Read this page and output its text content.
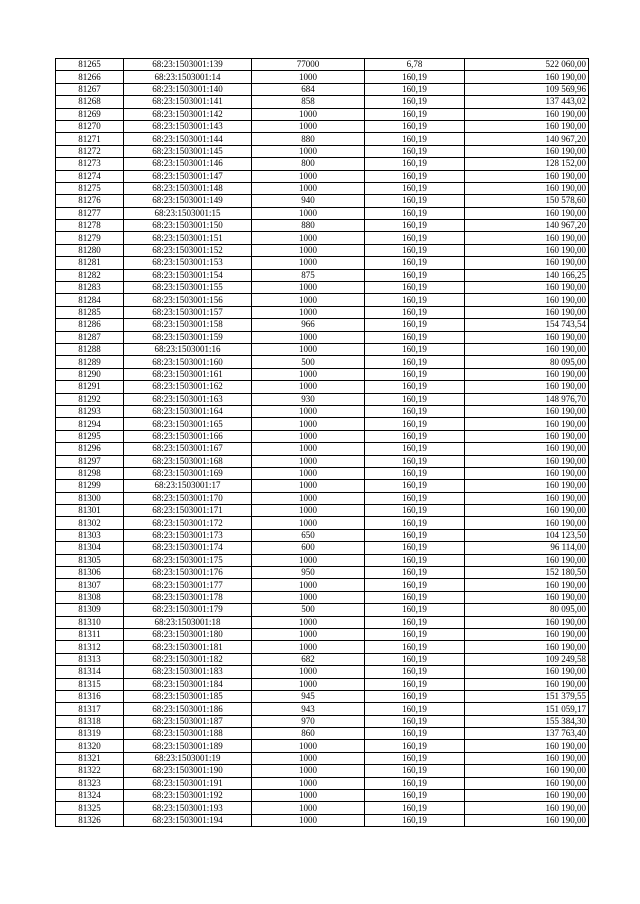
81265	68:23:1503001:139	77000	6,78	522 060,00
81266	68:23:1503001:14	1000	160,19	160 190,00
81267	68:23:1503001:140	684	160,19	109 569,96
81268	68:23:1503001:141	858	160,19	137 443,02
81269	68:23:1503001:142	1000	160,19	160 190,00
81270	68:23:1503001:143	1000	160,19	160 190,00
81271	68:23:1503001:144	880	160,19	140 967,20
81272	68:23:1503001:145	1000	160,19	160 190,00
81273	68:23:1503001:146	800	160,19	128 152,00
81274	68:23:1503001:147	1000	160,19	160 190,00
81275	68:23:1503001:148	1000	160,19	160 190,00
81276	68:23:1503001:149	940	160,19	150 578,60
81277	68:23:1503001:15	1000	160,19	160 190,00
81278	68:23:1503001:150	880	160,19	140 967,20
81279	68:23:1503001:151	1000	160,19	160 190,00
81280	68:23:1503001:152	1000	160,19	160 190,00
81281	68:23:1503001:153	1000	160,19	160 190,00
81282	68:23:1503001:154	875	160,19	140 166,25
81283	68:23:1503001:155	1000	160,19	160 190,00
81284	68:23:1503001:156	1000	160,19	160 190,00
81285	68:23:1503001:157	1000	160,19	160 190,00
81286	68:23:1503001:158	966	160,19	154 743,54
81287	68:23:1503001:159	1000	160,19	160 190,00
81288	68:23:1503001:16	1000	160,19	160 190,00
81289	68:23:1503001:160	500	160,19	80 095,00
81290	68:23:1503001:161	1000	160,19	160 190,00
81291	68:23:1503001:162	1000	160,19	160 190,00
81292	68:23:1503001:163	930	160,19	148 976,70
81293	68:23:1503001:164	1000	160,19	160 190,00
81294	68:23:1503001:165	1000	160,19	160 190,00
81295	68:23:1503001:166	1000	160,19	160 190,00
81296	68:23:1503001:167	1000	160,19	160 190,00
81297	68:23:1503001:168	1000	160,19	160 190,00
81298	68:23:1503001:169	1000	160,19	160 190,00
81299	68:23:1503001:17	1000	160,19	160 190,00
81300	68:23:1503001:170	1000	160,19	160 190,00
81301	68:23:1503001:171	1000	160,19	160 190,00
81302	68:23:1503001:172	1000	160,19	160 190,00
81303	68:23:1503001:173	650	160,19	104 123,50
81304	68:23:1503001:174	600	160,19	96 114,00
81305	68:23:1503001:175	1000	160,19	160 190,00
81306	68:23:1503001:176	950	160,19	152 180,50
81307	68:23:1503001:177	1000	160,19	160 190,00
81308	68:23:1503001:178	1000	160,19	160 190,00
81309	68:23:1503001:179	500	160,19	80 095,00
81310	68:23:1503001:18	1000	160,19	160 190,00
81311	68:23:1503001:180	1000	160,19	160 190,00
81312	68:23:1503001:181	1000	160,19	160 190,00
81313	68:23:1503001:182	682	160,19	109 249,58
81314	68:23:1503001:183	1000	160,19	160 190,00
81315	68:23:1503001:184	1000	160,19	160 190,00
81316	68:23:1503001:185	945	160,19	151 379,55
81317	68:23:1503001:186	943	160,19	151 059,17
81318	68:23:1503001:187	970	160,19	155 384,30
81319	68:23:1503001:188	860	160,19	137 763,40
81320	68:23:1503001:189	1000	160,19	160 190,00
81321	68:23:1503001:19	1000	160,19	160 190,00
81322	68:23:1503001:190	1000	160,19	160 190,00
81323	68:23:1503001:191	1000	160,19	160 190,00
81324	68:23:1503001:192	1000	160,19	160 190,00
81325	68:23:1503001:193	1000	160,19	160 190,00
81326	68:23:1503001:194	1000	160,19	160 190,00
